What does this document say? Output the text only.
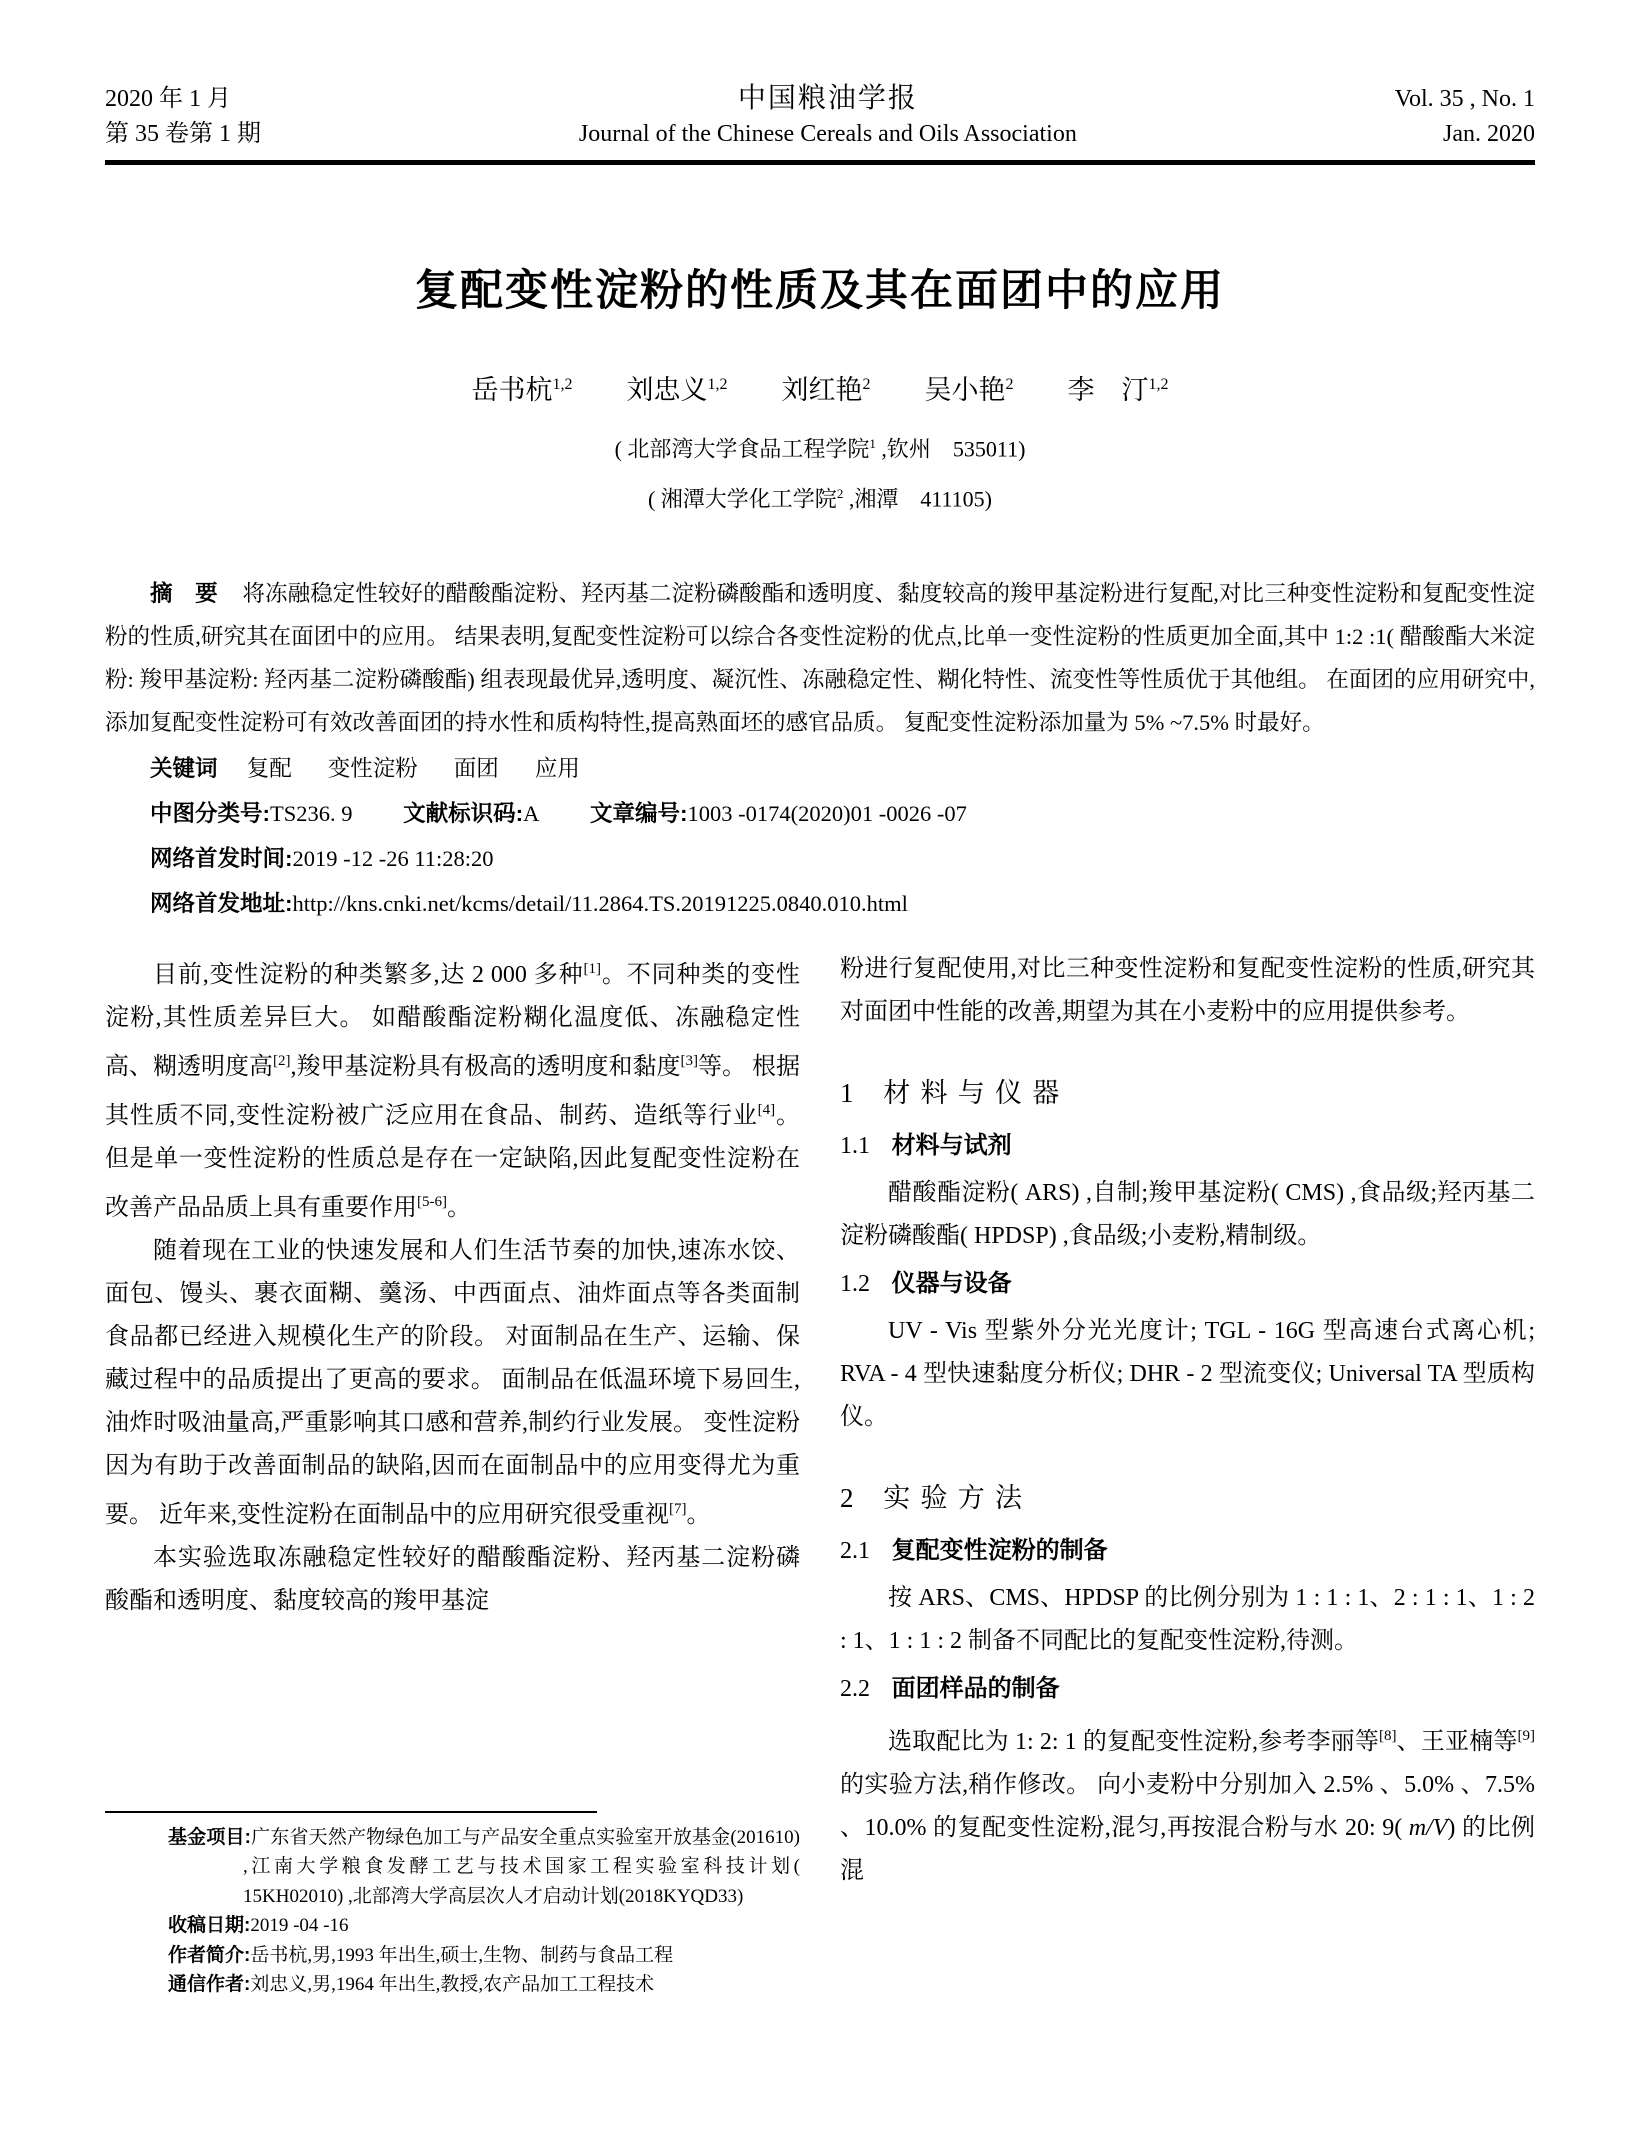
2020 年 1 月
第 35 卷第 1 期
中国粮油学报
Journal of the Chinese Cereals and Oils Association
Vol. 35 , No. 1
Jan. 2020
复配变性淀粉的性质及其在面团中的应用
岳书杭$^{1,2}$ 刘忠义$^{1,2}$ 刘红艳$^2$ 吴小艳$^2$ 李　汀$^{1,2}$
( 北部湾大学食品工程学院$^1$ ,钦州　535011)
( 湘潭大学化工学院$^2$ ,湘潭　411105)

摘　要 将冻融稳定性较好的醋酸酯淀粉、羟丙基二淀粉磷酸酯和透明度、黏度较高的羧甲基淀粉进行复配,对比三种变性淀粉和复配变性淀粉的性质,研究其在面团中的应用。 结果表明,复配变性淀粉可以综合各变性淀粉的优点,比单一变性淀粉的性质更加全面,其中 1:2 :1( 醋酸酯大米淀粉: 羧甲基淀粉: 羟丙基二淀粉磷酸酯) 组表现最优异,透明度、凝沉性、冻融稳定性、糊化特性、流变性等性质优于其他组。 在面团的应用研究中,添加复配变性淀粉可有效改善面团的持水性和质构特性,提高熟面坯的感官品质。 复配变性淀粉添加量为 5% ~7.5% 时最好。

关键词 复配 变性淀粉 面团 应用
中图分类号:TS236. 9 文献标识码:A 文章编号:1003 -0174(2020)01 -0026 -07
网络首发时间:2019 -12 -26 11:28:20
网络首发地址:http://kns.cnki.net/kcms/detail/11.2864.TS.20191225.0840.010.html

目前,变性淀粉的种类繁多,达 2 000 多种[1]。不同种类的变性淀粉,其性质差异巨大。 如醋酸酯淀粉糊化温度低、冻融稳定性高、糊透明度高[2],羧甲基淀粉具有极高的透明度和黏度[3]等。 根据其性质不同,变性淀粉被广泛应用在食品、制药、造纸等行业[4]。 但是单一变性淀粉的性质总是存在一定缺陷,因此复配变性淀粉在改善产品品质上具有重要作用[5-6]。

随着现在工业的快速发展和人们生活节奏的加快,速冻水饺、面包、馒头、裹衣面糊、羹汤、中西面点、油炸面点等各类面制食品都已经进入规模化生产的阶段。 对面制品在生产、运输、保藏过程中的品质提出了更高的要求。 面制品在低温环境下易回生,油炸时吸油量高,严重影响其口感和营养,制约行业发展。 变性淀粉因为有助于改善面制品的缺陷,因而在面制品中的应用变得尤为重要。 近年来,变性淀粉在面制品中的应用研究很受重视[7]。

本实验选取冻融稳定性较好的醋酸酯淀粉、羟丙基二淀粉磷酸酯和透明度、黏度较高的羧甲基淀

基金项目:广东省天然产物绿色加工与产品安全重点实验室开放基金(201610) ,江南大学粮食发酵工艺与技术国家工程实验室科技计划( 15KH02010) ,北部湾大学高层次人才启动计划(2018KYQD33)
收稿日期:2019 -04 -16
作者简介:岳书杭,男,1993 年出生,硕士,生物、制药与食品工程
通信作者:刘忠义,男,1964 年出生,教授,农产品加工工程技术

粉进行复配使用,对比三种变性淀粉和复配变性淀粉的性质,研究其对面团中性能的改善,期望为其在小麦粉中的应用提供参考。

1 材料与仪器
1.1 材料与试剂

醋酸酯淀粉( ARS) ,自制;羧甲基淀粉( CMS) ,食品级;羟丙基二淀粉磷酸酯( HPDSP) ,食品级;小麦粉,精制级。

1.2 仪器与设备

UV - Vis 型紫外分光光度计; TGL - 16G 型高速台式离心机; RVA - 4 型快速黏度分析仪; DHR - 2 型流变仪; Universal TA 型质构仪。

2 实验方法
2.1 复配变性淀粉的制备

按 ARS、CMS、HPDSP 的比例分别为 1 : 1 : 1、2 : 1 : 1、1 : 2 : 1、1 : 1 : 2 制备不同配比的复配变性淀粉,待测。

2.2 面团样品的制备

选取配比为 1: 2: 1 的复配变性淀粉,参考李丽等[8]、王亚楠等[9]的实验方法,稍作修改。 向小麦粉中分别加入 2.5% 、5.0% 、7.5% 、10.0% 的复配变性淀粉,混匀,再按混合粉与水 20: 9( m/V) 的比例混
